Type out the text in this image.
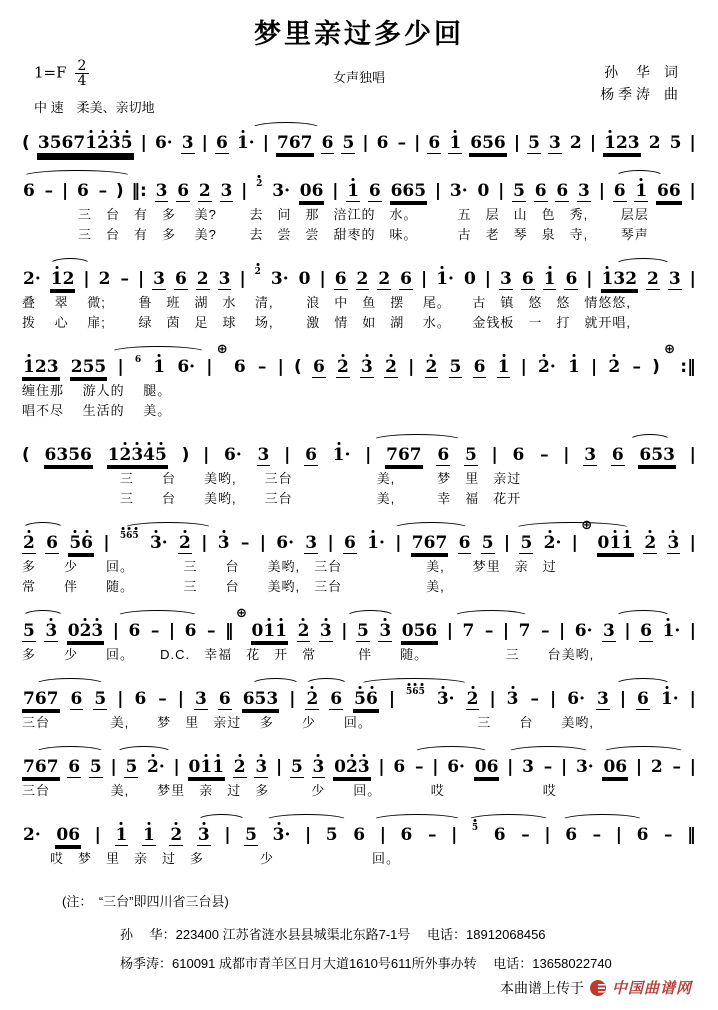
梦里亲过多少回
$1=F \frac{2}{4}$
中 速　 柔美、亲切地
女声独唱	孙　 华　词
杨 季 涛　曲
( 35671235 | 6· 3 | 6 1· | 767 6 5 | 6 – | 6 1 656 | 5 3 2 | 123 2 5 |
6 – | 6 – ) ‖: 3 6 2 3 | 2 3· 06 | 1 6 665 | 3· 0 | 5 6 6 3 | 6 1 66 |
　　　　三　台　有　多　 美?　　 去　问　那　涪江的　水。　　　 五　层　山　色　秀,　　 层层
　　　　三　台　有　多　 美?　　 去　尝　尝　甜枣的　味。　　　 古　老　琴　泉　寺,　　 琴声
2· 12 | 2 – | 3 6 2 3 | 2 3· 0 | 6 2 2 6 | 1· 0 | 3 6 1 6 | 132 2 3 |
叠　 翠　 微;　　 鲁　班　湖　水　 清,　　 浪　中　鱼　摆　 尾。　　古　镇　悠　悠　情悠悠,
拨　 心　 扉;　　 绿　茵　足　球　 场,　　 激　情　如　湖　 水。　　金钱板　一　打　就开唱,
123 255 | 6 1 6· |
⊕
6 – | ( 6 2 3 2 | 2 5 6 1 | 2· 1 | 2 – )
⊕
:‖
缠住那　 游人的　 腿。
唱不尽　 生活的　 美。
( 6356 12345 ) | 6· 3 | 6 1· | 767 6 5 | 6 – | 3 6 653 |
　　　　　　　三　　台　　美哟,　　三台　　　　　　美,　　　梦　里　亲过
　　　　　　　三　　台　　美哟,　　三台　　　　　　美,　　　幸　福　花开
2 6 56 | 565 3· 2 | 3 – | 6· 3 | 6 1· | 767 6 5 | 5 2· |
⊕
011 2 3 |
多　　少　　回。　　　　三　　台　　美哟,　三台　　　　　　美,　　梦里　亲　过
常　　伴　　随。　　　　三　　台　　美哟,　三台　　　　　　美,
5 3 023 | 6 – | 6 – ‖
⊕
011 2 3 | 5 3 056 | 7 – | 7 – | 6· 3 | 6 1· |
多　　少　　回。　　 D.C.　幸福　花　开　常　　　伴　　随。　　　　　　三　　台美哟,
767 6 5 | 6 – | 3 6 653 | 2 6 56 | 565 3· 2 | 3 – | 6· 3 | 6 1· |
三台　　　　 美,　　梦　里　亲过　 多　　少　　回。　　　　　　　　三　　台　　美哟,
767 6 5 | 5 2· | 011 2 3 | 5 3 023 | 6 – | 6· 06 | 3 – | 3· 06 | 2 – |
三台　　　　 美,　　梦里　亲　过　多　　　少　　回。　　　　哎　　　　　　　哎
2· 06 | 1 1 2 3 | 5 3· | 5 6 | 6 – | 5 6 – | 6 – | 6 – ‖
　　哎　梦　里　亲　过　多　　　　少　　　　　　　回。
(注：　“三台”即四川省三台县)
孙　 华：223400 江苏省涟水县县城渠北东路7-1号　 电话：18912068456
杨季涛：610091 成都市青羊区日月大道1610号611所外事办转　 电话：13658022740
本曲谱上传于 中国曲谱网
